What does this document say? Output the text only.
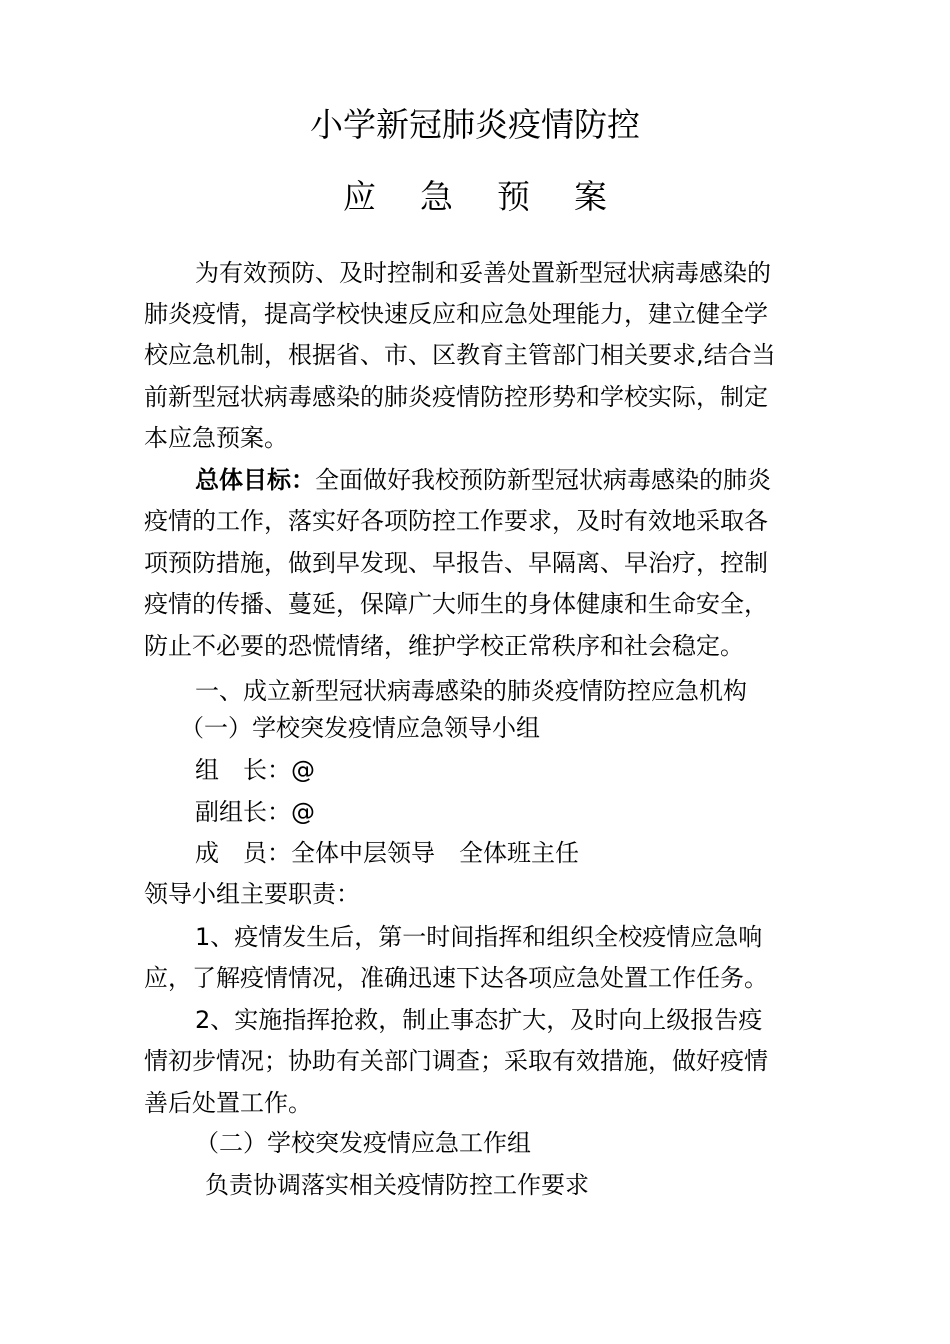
小学新冠肺炎疫情防控
应 急 预 案

为有效预防、及时控制和妥善处置新型冠状病毒感染的

肺炎疫情，提高学校快速反应和应急处理能力，建立健全学

校应急机制，根据省、市、区教育主管部门相关要求,结合当

前新型冠状病毒感染的肺炎疫情防控形势和学校实际，制定

本应急预案。

总体目标：全面做好我校预防新型冠状病毒感染的肺炎

疫情的工作，落实好各项防控工作要求，及时有效地采取各

项预防措施，做到早发现、早报告、早隔离、早治疗，控制

疫情的传播、蔓延，保障广大师生的身体健康和生命安全，

防止不必要的恐慌情绪，维护学校正常秩序和社会稳定。

一、成立新型冠状病毒感染的肺炎疫情防控应急机构

（一）学校突发疫情应急领导小组

组　长：@

副组长：@

成　员：全体中层领导　全体班主任

领导小组主要职责：

1、疫情发生后，第一时间指挥和组织全校疫情应急响

应，了解疫情情况，准确迅速下达各项应急处置工作任务。

2、实施指挥抢救，制止事态扩大，及时向上级报告疫

情初步情况；协助有关部门调查；采取有效措施，做好疫情

善后处置工作。

（二）学校突发疫情应急工作组

负责协调落实相关疫情防控工作要求
